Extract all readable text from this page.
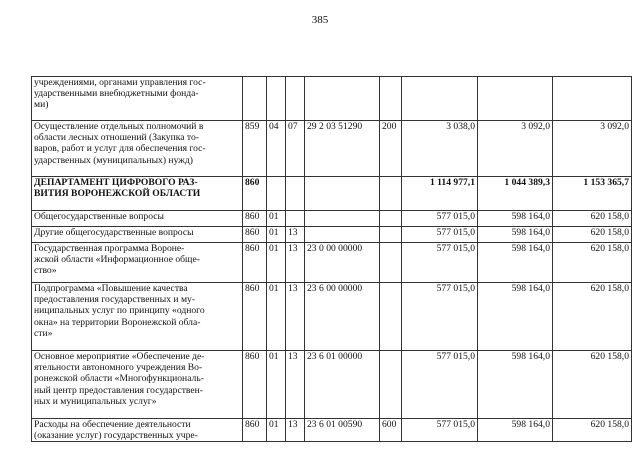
385
учреждениями, органами управления гос-
ударственными внебюджетными фонда-
ми)								

Осуществление отдельных полномочий в
области лесных отношений (Закупка то-
варов, работ и услуг для обеспечения гос-
ударственных (муниципальных) нужд)	859	04	07	29 2 03 51290	200	3 038,0	3 092,0	3 092,0

ДЕПАРТАМЕНТ ЦИФРОВОГО РАЗ-
ВИТИЯ ВОРОНЕЖСКОЙ ОБЛАСТИ	860					1 114 977,1	1 044 389,3	1 153 365,7

Общегосударственные вопросы	860	01				577 015,0	598 164,0	620 158,0

Другие общегосударственные вопросы	860	01	13			577 015,0	598 164,0	620 158,0

Государственная программа Вороне-
жской области «Информационное обще-
ство»	860	01	13	23 0 00 00000		577 015,0	598 164,0	620 158,0

Подпрограмма «Повышение качества
предоставления государственных и му-
ниципальных услуг по принципу «одного
окна» на территории Воронежской обла-
сти»	860	01	13	23 6 00 00000		577 015,0	598 164,0	620 158,0

Основное мероприятие «Обеспечение де-
ятельности автономного учреждения Во-
ронежской области «Многофункциональ-
ный центр предоставления государствен-
ных и муниципальных услуг»	860	01	13	23 6 01 00000		577 015,0	598 164,0	620 158,0

Расходы на обеспечение деятельности
(оказание услуг) государственных учре-	860	01	13	23 6 01 00590	600	577 015,0	598 164,0	620 158,0
